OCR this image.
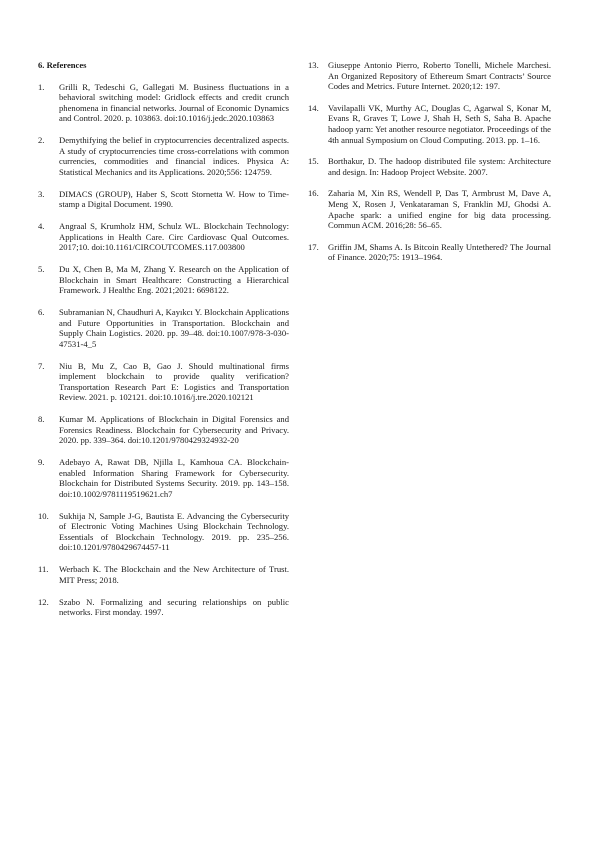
6. References
1. Grilli R, Tedeschi G, Gallegati M. Business fluctuations in a behavioral switching model: Gridlock effects and credit crunch phenomena in financial networks. Journal of Economic Dynamics and Control. 2020. p. 103863. doi:10.1016/j.jedc.2020.103863
2. Demythifying the belief in cryptocurrencies decentralized aspects. A study of cryptocurrencies time cross-correlations with common currencies, commodities and financial indices. Physica A: Statistical Mechanics and its Applications. 2020;556: 124759.
3. DIMACS (GROUP), Haber S, Scott Stornetta W. How to Time-stamp a Digital Document. 1990.
4. Angraal S, Krumholz HM, Schulz WL. Blockchain Technology: Applications in Health Care. Circ Cardiovasc Qual Outcomes. 2017;10. doi:10.1161/CIRCOUTCOMES.117.003800
5. Du X, Chen B, Ma M, Zhang Y. Research on the Application of Blockchain in Smart Healthcare: Constructing a Hierarchical Framework. J Healthc Eng. 2021;2021: 6698122.
6. Subramanian N, Chaudhuri A, Kayıkcı Y. Blockchain Applications and Future Opportunities in Transportation. Blockchain and Supply Chain Logistics. 2020. pp. 39–48. doi:10.1007/978-3-030-47531-4_5
7. Niu B, Mu Z, Cao B, Gao J. Should multinational firms implement blockchain to provide quality verification? Transportation Research Part E: Logistics and Transportation Review. 2021. p. 102121. doi:10.1016/j.tre.2020.102121
8. Kumar M. Applications of Blockchain in Digital Forensics and Forensics Readiness. Blockchain for Cybersecurity and Privacy. 2020. pp. 339–364. doi:10.1201/9780429324932-20
9. Adebayo A, Rawat DB, Njilla L, Kamhoua CA. Blockchain‐enabled Information Sharing Framework for Cybersecurity. Blockchain for Distributed Systems Security. 2019. pp. 143–158. doi:10.1002/9781119519621.ch7
10. Sukhija N, Sample J-G, Bautista E. Advancing the Cybersecurity of Electronic Voting Machines Using Blockchain Technology. Essentials of Blockchain Technology. 2019. pp. 235–256. doi:10.1201/9780429674457-11
11. Werbach K. The Blockchain and the New Architecture of Trust. MIT Press; 2018.
12. Szabo N. Formalizing and securing relationships on public networks. First monday. 1997.
13. Giuseppe Antonio Pierro, Roberto Tonelli, Michele Marchesi. An Organized Repository of Ethereum Smart Contracts’ Source Codes and Metrics. Future Internet. 2020;12: 197.
14. Vavilapalli VK, Murthy AC, Douglas C, Agarwal S, Konar M, Evans R, Graves T, Lowe J, Shah H, Seth S, Saha B. Apache hadoop yarn: Yet another resource negotiator. Proceedings of the 4th annual Symposium on Cloud Computing. 2013. pp. 1–16.
15. Borthakur, D. The hadoop distributed file system: Architecture and design. In: Hadoop Project Website. 2007.
16. Zaharia M, Xin RS, Wendell P, Das T, Armbrust M, Dave A, Meng X, Rosen J, Venkataraman S, Franklin MJ, Ghodsi A. Apache spark: a unified engine for big data processing. Commun ACM. 2016;28: 56–65.
17. Griffin JM, Shams A. Is Bitcoin Really Untethered? The Journal of Finance. 2020;75: 1913–1964.
